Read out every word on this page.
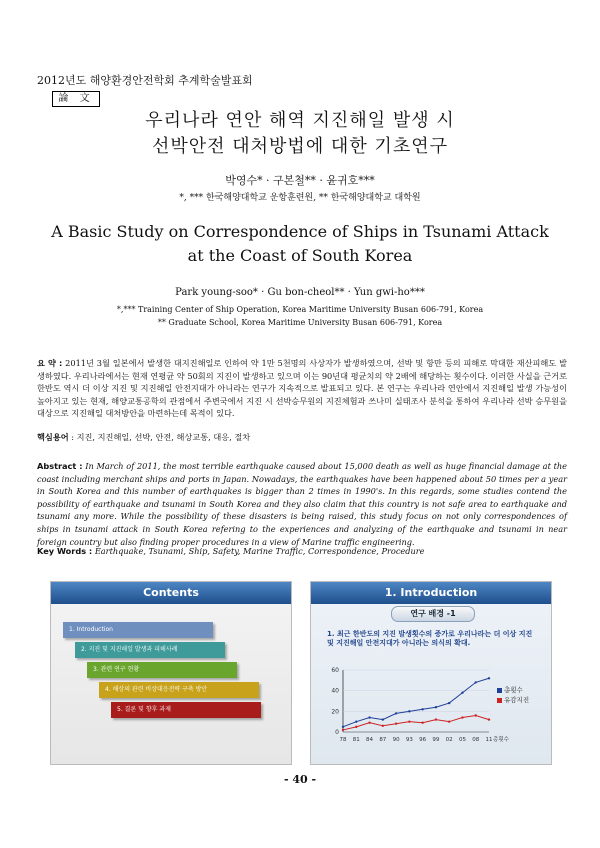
2012년도 해양환경안전학회 추계학술발표회
論 文
우리나라 연안 해역 지진해일 발생 시
선박안전 대처방법에 대한 기초연구
박영수* · 구본철** · 윤귀호***
*, *** 한국해양대학교 운항훈련원, ** 한국해양대학교 대학원
A Basic Study on Correspondence of Ships in Tsunami Attack
at the Coast of South Korea
Park young-soo* · Gu bon-cheol** · Yun gwi-ho***
*,*** Training Center of Ship Operation, Korea Maritime University Busan 606-791, Korea
** Graduate School, Korea Maritime University Busan 606-791, Korea
요 약 : 2011년 3월 일본에서 발생한 대지진해일로 인하여 약 1만 5천명의 사상자가 발생하였으며, 선박 및 항만 등의 피해로 막대한 재산피해도 발생하였다. 우리나라에서는 현재 연평균 약 50회의 지진이 발생하고 있으며 이는 90년대 평균치의 약 2배에 해당하는 횟수이다. 이러한 사실을 근거로 한반도 역시 더 이상 지진 및 지진해일 안전지대가 아니라는 연구가 지속적으로 발표되고 있다. 본 연구는 우리나라 연안에서 지진해일 발생 가능성이 높아지고 있는 현재, 해양교통공학의 관점에서 주변국에서 지진 시 선박승무원의 지진체험과 쓰나미 실태조사 분석을 통하여 우리나라 선박 승무원을 대상으로 지진해일 대처방안을 마련하는데 목적이 있다.
핵심용어 : 지진, 지진해일, 선박, 안전, 해상교통, 대응, 절차
Abstract : In March of 2011, the most terrible earthquake caused about 15,000 death as well as huge financial damage at the coast including merchant ships and ports in Japan. Nowadays, the earthquakes have been happened about 50 times per a year in South Korea and this number of earthquakes is bigger than 2 times in 1990's. In this regards, some studies contend the possibility of earthquake and tsunami in South Korea and they also claim that this country is not safe area to earthquake and tsunami any more. While the possibility of these disasters is being raised, this study focus on not only correspondences of ships in tsunami attack in South Korea refering to the experiences and analyzing of the earthquake and tsunami in near foreign country but also finding proper procedures in a view of Marine traffic engineering.
Key Words : Earthquake, Tsunami, Ship, Safety, Marine Traffic, Correspondence, Procedure
Contents
1. Introduction
2. 지진 및 지진해일 발생과 피해사례
3. 관련 연구 현황
4. 해상의 관련 비상대응전략 구축 방안
5. 결론 및 향후 과제
1. Introduction
연구 배경 -1
1. 최근 한반도의 지진 발생횟수의 증가로 우리나라는 더 이상 지진 및 지진해일 안전지대가 아니라는 의식의 확대.
0
20
40
60
78 81 84 87 90 93 96 99 02 05 08 11
총횟수
유감지진
총횟수
- 40 -
